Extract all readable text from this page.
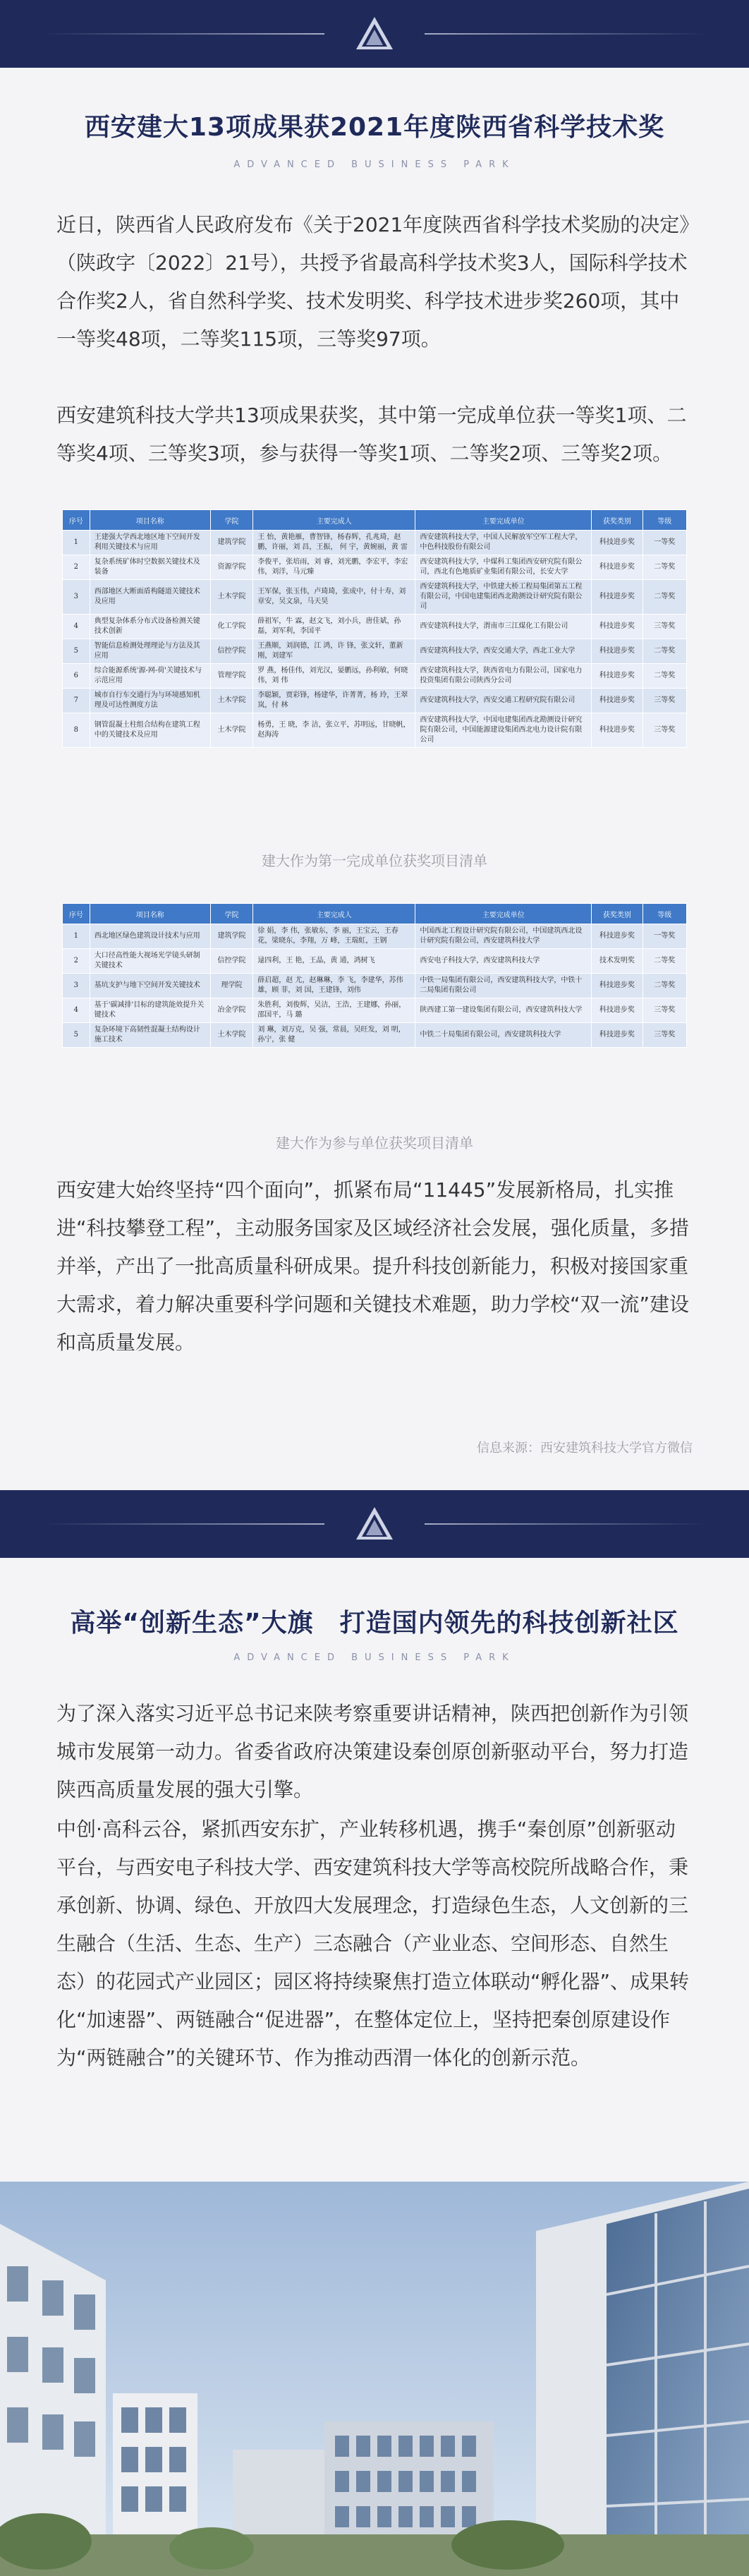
西安建大13项成果获2021年度陕西省科学技术奖
ADVANCED BUSINESS PARK

近日，陕西省人民政府发布《关于2021年度陕西省科学技术奖励的决定》（陕政字〔2022〕21号），共授予省最高科学技术奖3人，国际科学技术合作奖2人，省自然科学奖、技术发明奖、科学技术进步奖260项，其中一等奖48项，二等奖115项，三等奖97项。

西安建筑科技大学共13项成果获奖，其中第一完成单位获一等奖1项、二等奖4项、三等奖3项，参与获得一等奖1项、二等奖2项、三等奖2项。

序号	项目名称	学院	主要完成人	主要完成单位	获奖类别	等级
1	王建强大学西北地区地下空间开发利用关键技术与应用	建筑学院	王 怡，黄艳雁，曹智锋，杨春辉，孔兆琦，赵鹏，许丽，刘 昌，王振， 何 宇，黄婉丽，黄 雷	西安建筑科技大学，中国人民解放军空军工程大学，中色科技股份有限公司	科技进步奖	一等奖
2	复杂系统矿体时空数据关键技术及装备	资源学院	李俊平，张培雨，刘 睿，刘光鹏，李宏平，李宏伟，刘洋，马元臻	西安建筑科技大学，中煤科工集团西安研究院有限公司，西北有色地质矿业集团有限公司，长安大学	科技进步奖	二等奖
3	西部地区大断面盾构隧道关键技术及应用	土木学院	王军保，张玉伟，卢琦琦，张成中，付十寿，刘章安，吴文泉，马天昊	西安建筑科技大学，中铁建大桥工程局集团第五工程有限公司，中国电建集团西北勘测设计研究院有限公司	科技进步奖	二等奖
4	典型复杂体系分布式设备检测关键技术创新	化工学院	薛祖军，牛 霖，赵文飞，刘小兵，唐佳斌，孙 磊，刘军利，李国平	西安建筑科技大学，渭南市三江煤化工有限公司	科技进步奖	三等奖
5	智能信息检测处理理论与方法及其应用	信控学院	王燕顺，刘润德，江 鸿，许 锋，张文轩，董新刚，刘建军	西安建筑科技大学，西安交通大学，西北工业大学	科技进步奖	二等奖
6	综合能源系统'源-网-荷'关键技术与示范应用	管理学院	罗 燕，杨佳伟，刘光汉，晏鹏远，孙利敏，何晓伟，刘 伟	西安建筑科技大学，陕西省电力有限公司，国家电力投资集团有限公司陕西分公司	科技进步奖	二等奖
7	城市自行车交通行为与环境感知机理及可达性测度方法	土木学院	李聪颖，贾彩锋，杨建华，许菁菁，杨 玲，王翠岚，付 林	西安建筑科技大学，西安交通工程研究院有限公司	科技进步奖	三等奖
8	钢管混凝土柱组合结构在建筑工程中的关键技术及应用	土木学院	杨勇，王 晓，李 洁，张立平，苏明远，甘晓帆，赵海涛	西安建筑科技大学，中国电建集团西北勘测设计研究院有限公司，中国能源建设集团西北电力设计院有限公司	科技进步奖	三等奖
建大作为第一完成单位获奖项目清单
序号	项目名称	学院	主要完成人	主要完成单位	获奖类别	等级
1	西北地区绿色建筑设计技术与应用	建筑学院	徐 娟，李 伟，张敏东，李 丽，王宝云，王春花，梁晓东，李翔，万 峰，王瑞虹，王钢	中国西北工程设计研究院有限公司，中国建筑西北设计研究院有限公司，西安建筑科技大学	科技进步奖	一等奖
2	大口径高性能大视场光学镜头研制关键技术	信控学院	逯四利，王 艳，王晶，黄 通，鸿树飞	西安电子科技大学，西安建筑科技大学	技术发明奖	二等奖
3	基坑支护与地下空间开发关键技术	理学院	薛启超，赵 尤，赵琳琳，李 飞，李建华，苏伟雄，顾 菲，刘 国，王建锋，刘伟	中铁一局集团有限公司，西安建筑科技大学，中铁十二局集团有限公司	科技进步奖	二等奖
4	基于'碳减排'目标的建筑能效提升关键技术	冶金学院	朱胜利，刘俊辉，吴洁，王浩，王建娜，孙丽，邵国平，马 璐	陕西建工第一建设集团有限公司，西安建筑科技大学	科技进步奖	三等奖
5	复杂环境下高韧性混凝土结构设计施工技术	土木学院	刘 琳，刘万克，吴 强，常晨，吴旺发，刘 明，孙宁，张 健	中铁二十局集团有限公司，西安建筑科技大学	科技进步奖	三等奖
建大作为参与单位获奖项目清单

西安建大始终坚持“四个面向”，抓紧布局“11445”发展新格局，扎实推进“科技攀登工程”，主动服务国家及区域经济社会发展，强化质量，多措并举，产出了一批高质量科研成果。提升科技创新能力，积极对接国家重大需求，着力解决重要科学问题和关键技术难题，助力学校“双一流”建设和高质量发展。

信息来源：西安建筑科技大学官方微信
高举“创新生态”大旗　打造国内领先的科技创新社区
ADVANCED BUSINESS PARK

为了深入落实习近平总书记来陕考察重要讲话精神，陕西把创新作为引领城市发展第一动力。省委省政府决策建设秦创原创新驱动平台，努力打造陕西高质量发展的强大引擎。

中创·高科云谷，紧抓西安东扩，产业转移机遇，携手“秦创原”创新驱动平台，与西安电子科技大学、西安建筑科技大学等高校院所战略合作，秉承创新、协调、绿色、开放四大发展理念，打造绿色生态，人文创新的三生融合（生活、生态、生产）三态融合（产业业态、空间形态、自然生态）的花园式产业园区；园区将持续聚焦打造立体联动“孵化器”、成果转化“加速器”、两链融合“促进器”，在整体定位上，坚持把秦创原建设作为“两链融合”的关键环节、作为推动西渭一体化的创新示范。
